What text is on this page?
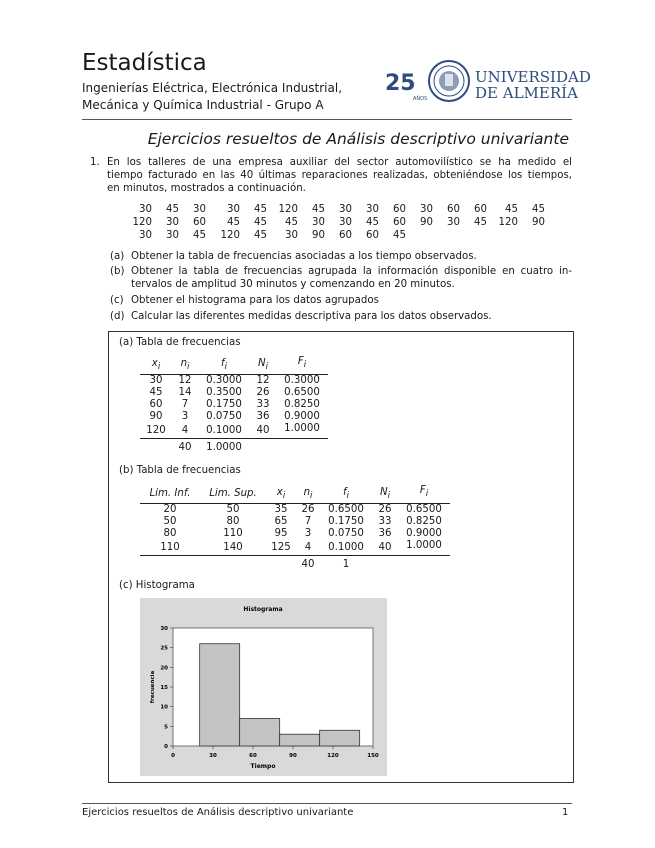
Estadística
Ingenierías Eléctrica, Electrónica Industrial,
Mecánica y Química Industrial - Grupo A
25
AÑOS
UNIVERSIDAD
DE ALMERÍA
Ejercicios resueltos de Análisis descriptivo univariante
1. En los talleres de una empresa auxiliar del sector automovilístico se ha medido el
tiempo facturado en las 40 últimas reparaciones realizadas, obteniéndose los tiempos,
en minutos, mostrados a continuación.
30	45	30	30	45	120	45	30	30	60	30	60	60	45	45
120	30	60	45	45	45	30	30	45	60	90	30	45	120	90
30	30	45	120	45	30	90	60	60	45
(a) Obtener la tabla de frecuencias asociadas a los tiempo observados.
(b) Obtener la tabla de frecuencias agrupada la información disponible en cuatro in-
tervalos de amplitud 30 minutos y comenzando en 20 minutos.
(c) Obtener el histograma para los datos agrupados
(d) Calcular las diferentes medidas descriptiva para los datos observados.
(a) Tabla de frecuencias
$x_i$	$n_i$	$f_i$	$N_i$	$F_i$
30	12	0.3000	12	0.3000
45	14	0.3500	26	0.6500
60	7	0.1750	33	0.8250
90	3	0.0750	36	0.9000
120	4	0.1000	40	1.0000
	40	1.0000		
(b) Tabla de frecuencias
Lim. Inf.	Lim. Sup.	$x_i$	$n_i$	$f_i$	$N_i$	$F_i$
20	50	35	26	0.6500	26	0.6500
50	80	65	7	0.1750	33	0.8250
80	110	95	3	0.0750	36	0.9000
110	140	125	4	0.1000	40	1.0000
			40	1		
(c) Histograma
Histograma
Tiempo
frecuencia
0	30	60	90	120	150
0
5
10
15
20
25
30
Ejercicios resueltos de Análisis descriptivo univariante	1
